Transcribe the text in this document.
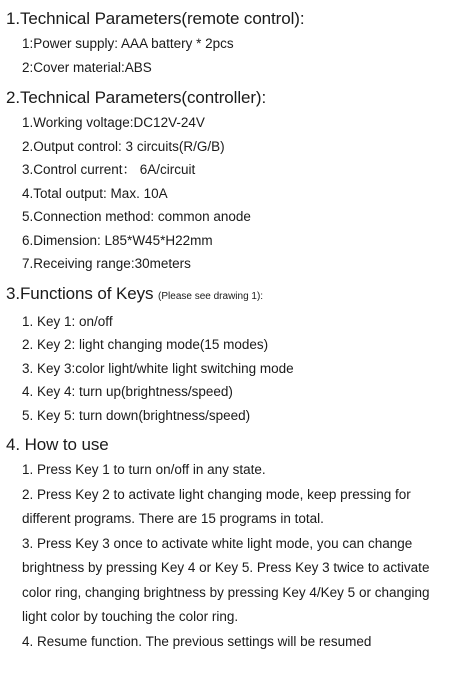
1.Technical Parameters(remote control):
1:Power supply: AAA battery * 2pcs
2:Cover material:ABS
2.Technical Parameters(controller):
1.Working voltage:DC12V-24V
2.Output control: 3 circuits(R/G/B)
3.Control current： 6A/circuit
4.Total output: Max. 10A
5.Connection method: common anode
6.Dimension: L85*W45*H22mm
7.Receiving range:30meters
3.Functions of Keys (Please see drawing 1):
1. Key 1: on/off
2. Key 2: light changing mode(15 modes)
3. Key 3:color light/white light switching mode
4. Key 4: turn up(brightness/speed)
5. Key 5: turn down(brightness/speed)
4. How to use
1. Press Key 1 to turn on/off in any state.
2. Press Key 2 to activate light changing mode, keep pressing for different programs. There are 15 programs in total.
3. Press Key 3 once to activate white light mode, you can change brightness by pressing Key 4 or Key 5. Press Key 3 twice to activate color ring, changing brightness by pressing Key 4/Key 5 or changing light color by touching the color ring.
4. Resume function. The previous settings will be resumed
